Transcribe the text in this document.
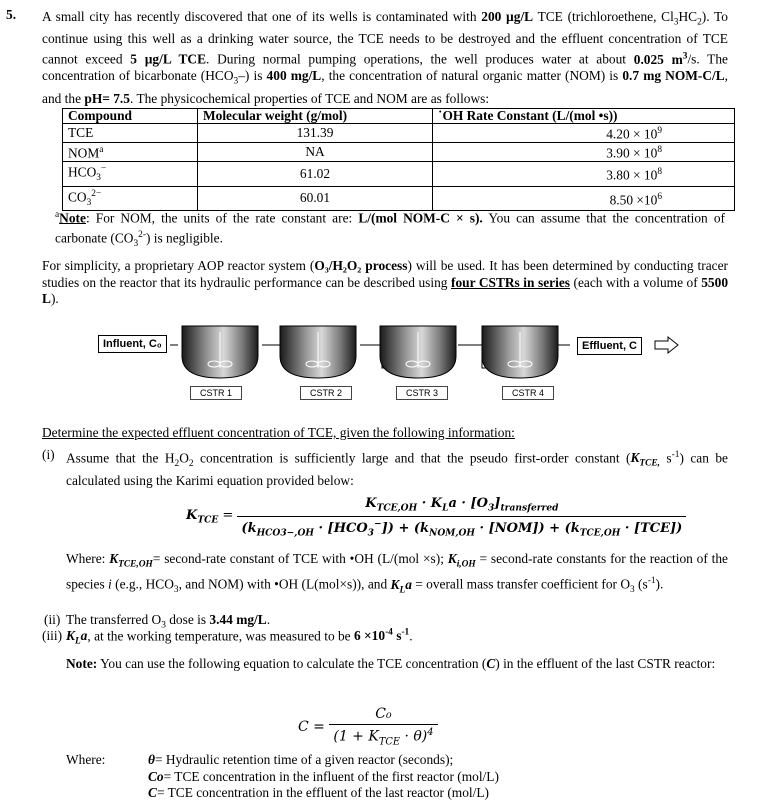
5. A small city has recently discovered that one of its wells is contaminated with 200 µg/L TCE (trichloroethene, $Cl_3HC_2$). To continue using this well as a drinking water source, the TCE needs to be destroyed and the effluent concentration of TCE cannot exceed 5 µg/L TCE. During normal pumping operations, the well produces water at about 0.025 $m^3/s$. The concentration of bicarbonate $(HCO_3-)$ is 400 mg/L, the concentration of natural organic matter (NOM) is 0.7 mg NOM-C/L, and the pH= 7.5. The physicochemical properties of TCE and NOM are as follows:

Compound	Molecular weight (g/mol)	˙OH Rate Constant (L/(mol •s))
TCE	131.39	$4.20 \times 10^9$
NOM$^a$	NA	$3.90 \times 10^8$
$HCO_3^-$	61.02	$3.80 \times 10^8$
$CO_3^{2-}$	60.01	$8.50 \times 10^6$

$^a$Note: For NOM, the units of the rate constant are: L/(mol NOM-C × s). You can assume that the concentration of carbonate $(CO_3^{2-})$ is negligible.

For simplicity, a proprietary AOP reactor system (O₃/H₂O₂ process) will be used. It has been determined by conducting tracer studies on the reactor that its hydraulic performance can be described using four CSTRs in series (each with a volume of 5500 L).

Influent, C₀	Effluent, C
CSTR 1	CSTR 2	CSTR 3	CSTR 4

Determine the expected effluent concentration of TCE, given the following information:

(i) Assume that the $H_2O_2$ concentration is sufficiently large and that the pseudo first-order constant ($K_{TCE,}$ $s^{-1}$) can be calculated using the Karimi equation provided below:

$K_{TCE}$ =
$K_{TCE,OH} \cdot K_La \cdot [O_3]_{transferred}$
$(k_{HCO3-,OH} \cdot [HCO_3^-]) + (k_{NOM,OH} \cdot [NOM]) + (k_{TCE,OH} \cdot [TCE])$

Where: $K_{TCE,OH}=$ second-rate constant of TCE with •OH (L/(mol ×s); $K_{i,OH}$ = second-rate constants for the reaction of the species i (e.g., $HCO_3$, and NOM) with •OH (L(mol×s)), and $K_La$ = overall mass transfer coefficient for $O_3$ $(s^{-1})$.

(ii) The transferred $O_3$ dose is 3.44 mg/L.

(iii) $K_La$, at the working temperature, was measured to be $6 \times 10^{-4}$ $s^{-1}$.

Note: You can use the following equation to calculate the TCE concentration (C) in the effluent of the last CSTR reactor:

$C = \frac{\text{C₀}}{(1 + K_{TCE} \cdot \theta)^4}$
Where:	θ= Hydraulic retention time of a given reactor (seconds);
Co= TCE concentration in the influent of the first reactor (mol/L)
C= TCE concentration in the effluent of the last reactor (mol/L)
